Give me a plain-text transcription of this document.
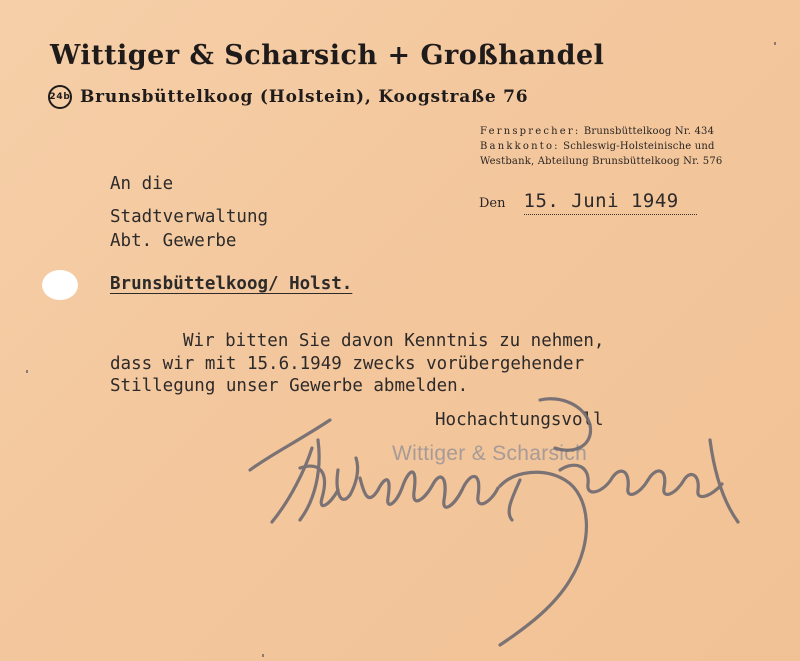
Wittiger & Scharsich + Großhandel
24b Brunsbüttelkoog (Holstein), Koogstraße 76
Fernsprecher: Brunsbüttelkoog Nr. 434
Bankkonto: Schleswig-Holsteinische und
Westbank, Abteilung Brunsbüttelkoog Nr. 576
An die
Stadtverwaltung
Abt. Gewerbe
Den 15. Juni 1949
Brunsbüttelkoog/ Holst.
Wir bitten Sie davon Kenntnis zu nehmen,
dass wir mit 15.6.1949 zwecks vorübergehender
Stillegung unser Gewerbe abmelden.
Hochachtungsvoll
Wittiger & Scharsich
